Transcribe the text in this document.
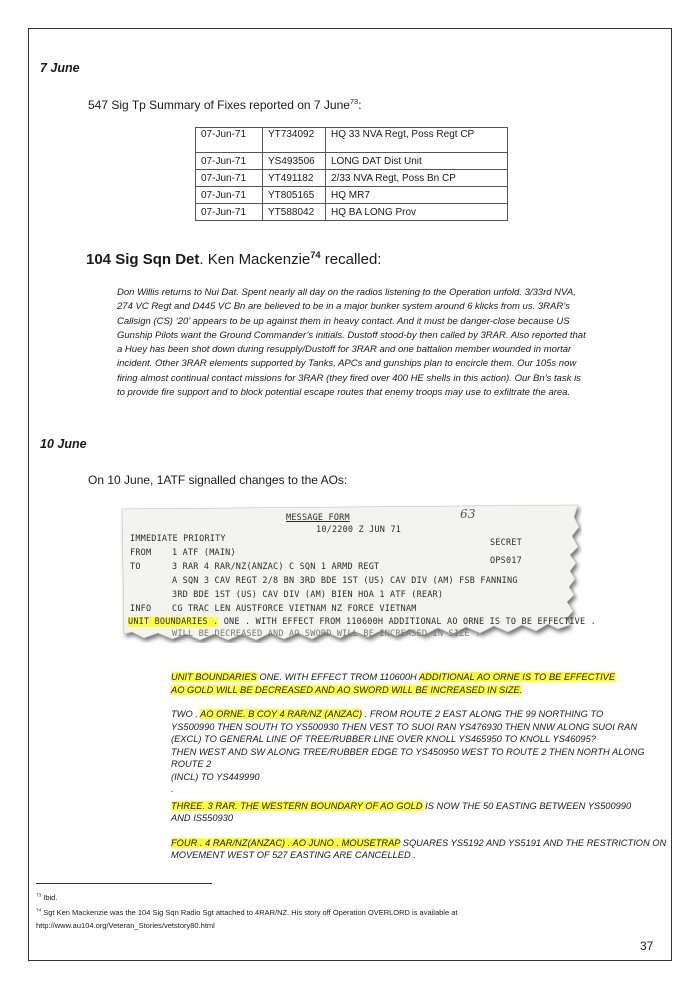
7 June
547 Sig Tp Summary of Fixes reported on 7 June$^{73}$:
07-Jun-71	YT734092	HQ 33 NVA Regt, Poss Regt CP
07-Jun-71	YS493506	LONG DAT Dist Unit
07-Jun-71	YT491182	2/33 NVA Regt, Poss Bn CP
07-Jun-71	YT805165	HQ MR7
07-Jun-71	YT588042	HQ BA LONG Prov
104 Sig Sqn Det. Ken Mackenzie$^{74}$ recalled:
Don Willis returns to Nui Dat. Spent nearly all day on the radios listening to the Operation unfold. 3/33rd NVA,
274 VC Regt and D445 VC Bn are believed to be in a major bunker system around 6 klicks from us. 3RAR’s
Callsign (CS) ‘20’ appears to be up against them in heavy contact. And it must be danger-close because US
Gunship Pilots want the Ground Commander’s initials. Dustoff stood-by then called by 3RAR. Also reported that
a Huey has been shot down during resupply/Dustoff for 3RAR and one battalion member wounded in mortar
incident. Other 3RAR elements supported by Tanks, APCs and gunships plan to encircle them. Our 105s now
firing almost continual contact missions for 3RAR (they fired over 400 HE shells in this action). Our Bn’s task is
to provide fire support and to block potential escape routes that enemy troops may use to exfiltrate the area.
10 June
On 10 June, 1ATF signalled changes to the AOs:
MESSAGE FORM	63
10/2200 Z JUN 71
IMMEDIATE PRIORITY	SECRET
FROM 1 ATF (MAIN)
TO	3 RAR 4 RAR/NZ(ANZAC) C SQN 1 ARMD REGT
OPS017
A SQN 3 CAV REGT 2/8 BN 3RD BDE 1ST (US) CAV DIV (AM) FSB FANNING
3RD BDE 1ST (US) CAV DIV (AM) BIEN HOA 1 ATF (REAR)
INFO CG TRAC LEN AUSTFORCE VIETNAM NZ FORCE VIETNAM
UNIT BOUNDARIES . ONE . WITH EFFECT FROM 110600H ADDITIONAL AO ORNE IS TO BE EFFECTIVE .
WILL BE DECREASED AND AO SWORD WILL BE INCREASED IN SIZE .

UNIT BOUNDARIES ONE. WITH EFFECT TROM 110600H ADDITIONAL AO ORNE IS TO BE EFFECTIVE

AO GOLD WILL BE DECREASED AND AO SWORD WILL BE INCREASED IN SIZE.

TWO . AO ORNE. B COY 4 RAR/NZ (ANZAC) . FROM ROUTE 2 EAST ALONG THE 99 NORTHING TO

YS500990 THEN SOUTH TO YS500930 THEN VEST TO SUOI RAN YS476930 THEN NNW ALONG SUOI RAN

(EXCL) TO GENERAL LINE OF TREE/RUBBER LINE OVER KNOLL YS465950 TO KNOLL YS46095?

THEN WEST AND SW ALONG TREE/RUBBER EDGE TO YS450950 WEST TO ROUTE 2 THEN NORTH ALONG ROUTE 2

(INCL) TO YS449990

.

THREE. 3 RAR. THE WESTERN BOUNDARY OF AO GOLD IS NOW THE 50 EASTING BETWEEN YS500990

AND IS550930

FOUR . 4 RAR/NZ(ANZAC) . AO JUNO . MOUSETRAP SQUARES YS5192 AND YS5191 AND THE RESTRICTION ON

MOVEMENT WEST OF 527 EASTING ARE CANCELLED .

$^{73}$ Ibid.
$^{74}$ Sgt Ken Mackenzie was the 104 Sig Sqn Radio Sgt attached to 4RAR/NZ. His story off Operation OVERLORD is available at
http://www.au104.org/Veteran_Stories/vetstory80.html
37
